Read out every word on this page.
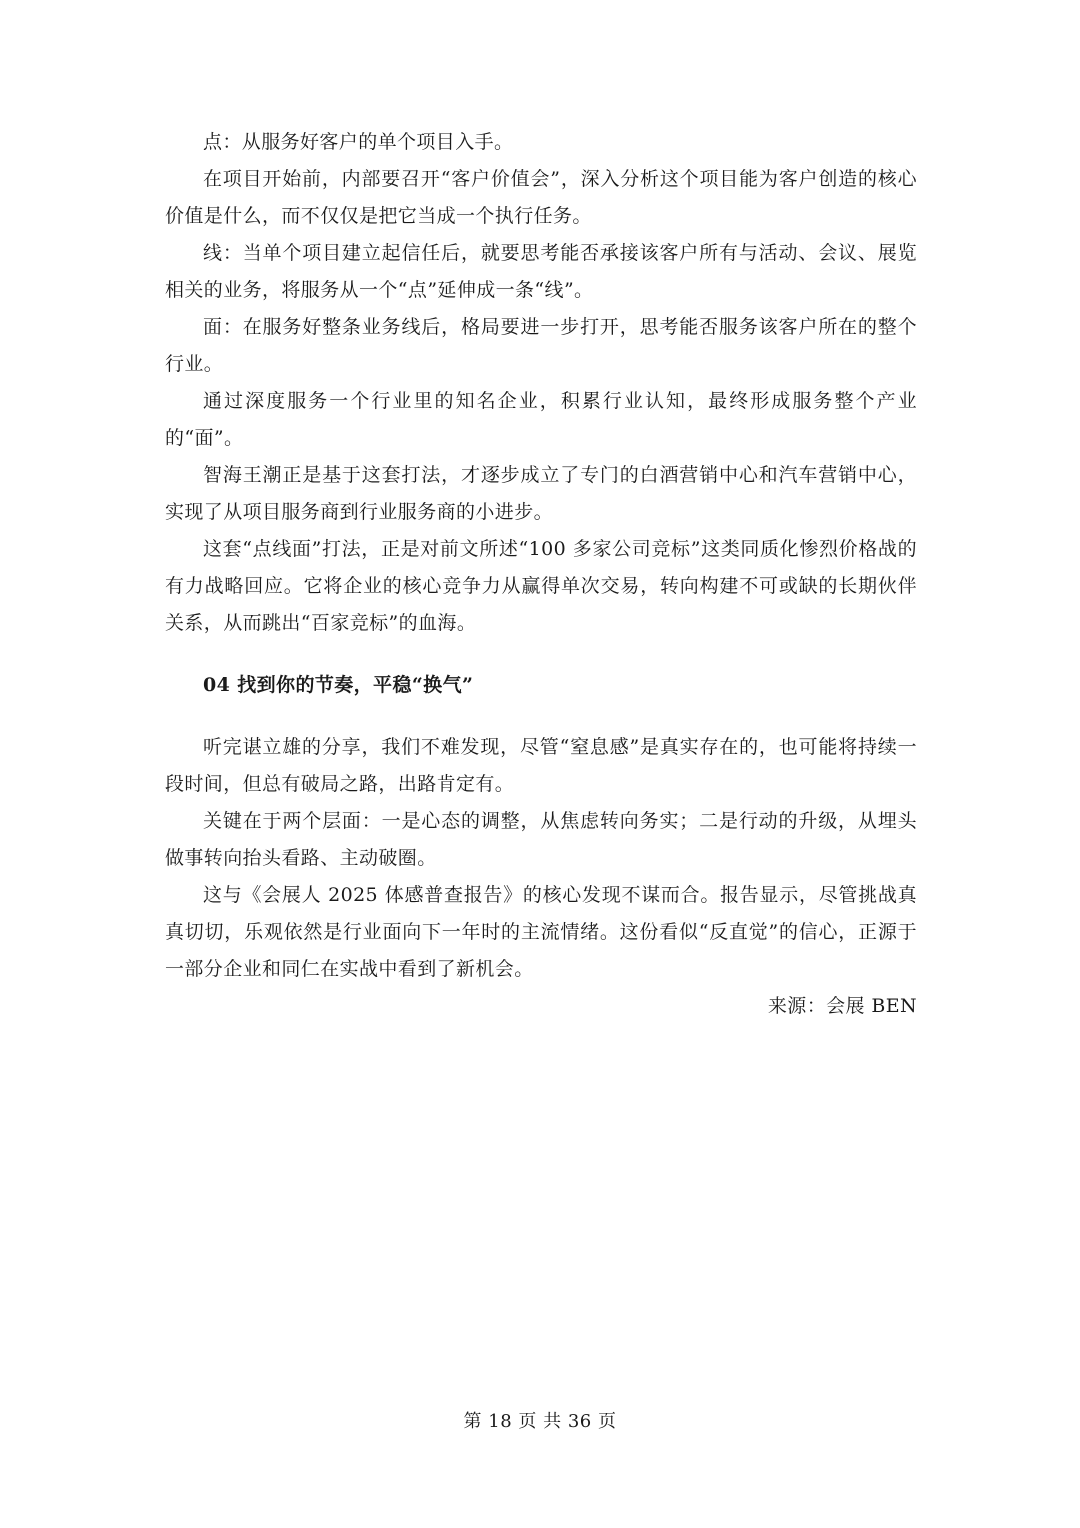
点：从服务好客户的单个项目入手。

在项目开始前，内部要召开“客户价值会”，深入分析这个项目能为客户创造的核心价值是什么，而不仅仅是把它当成一个执行任务。

线：当单个项目建立起信任后，就要思考能否承接该客户所有与活动、会议、展览相关的业务，将服务从一个“点”延伸成一条“线”。

面：在服务好整条业务线后，格局要进一步打开，思考能否服务该客户所在的整个行业。

通过深度服务一个行业里的知名企业，积累行业认知，最终形成服务整个产业的“面”。

智海王潮正是基于这套打法，才逐步成立了专门的白酒营销中心和汽车营销中心，实现了从项目服务商到行业服务商的小进步。

这套“点线面”打法，正是对前文所述“100 多家公司竞标”这类同质化惨烈价格战的有力战略回应。它将企业的核心竞争力从赢得单次交易，转向构建不可或缺的长期伙伴关系，从而跳出“百家竞标”的血海。

04 找到你的节奏，平稳“换气”

听完谌立雄的分享，我们不难发现，尽管“窒息感”是真实存在的，也可能将持续一段时间，但总有破局之路，出路肯定有。

关键在于两个层面：一是心态的调整，从焦虑转向务实；二是行动的升级，从埋头做事转向抬头看路、主动破圈。

这与《会展人 2025 体感普查报告》的核心发现不谋而合。报告显示，尽管挑战真真切切，乐观依然是行业面向下一年时的主流情绪。这份看似“反直觉”的信心，正源于一部分企业和同仁在实战中看到了新机会。

来源：会展 BEN

第 18 页 共 36 页
